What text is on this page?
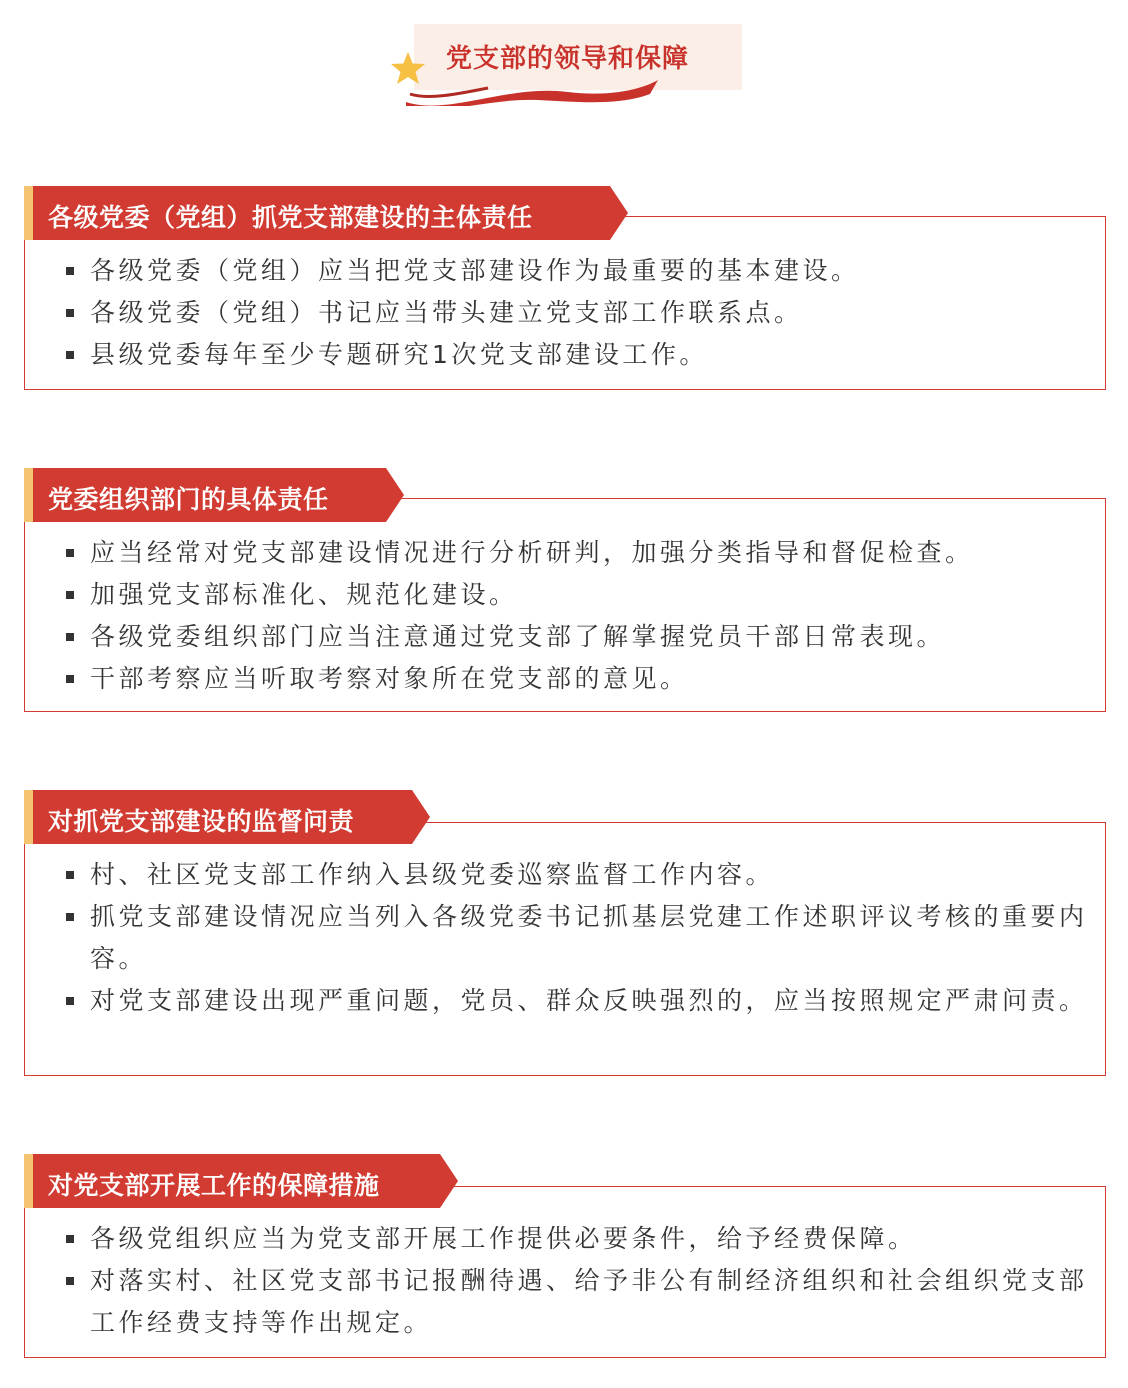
党支部的领导和保障
各级党委（党组）抓党支部建设的主体责任
各级党委（党组）应当把党支部建设作为最重要的基本建设。
各级党委（党组）书记应当带头建立党支部工作联系点。
县级党委每年至少专题研究1次党支部建设工作。
党委组织部门的具体责任
应当经常对党支部建设情况进行分析研判，加强分类指导和督促检查。
加强党支部标准化、规范化建设。
各级党委组织部门应当注意通过党支部了解掌握党员干部日常表现。
干部考察应当听取考察对象所在党支部的意见。
对抓党支部建设的监督问责
村、社区党支部工作纳入县级党委巡察监督工作内容。
抓党支部建设情况应当列入各级党委书记抓基层党建工作述职评议考核的重要内容。
对党支部建设出现严重问题，党员、群众反映强烈的，应当按照规定严肃问责。
对党支部开展工作的保障措施
各级党组织应当为党支部开展工作提供必要条件，给予经费保障。
对落实村、社区党支部书记报酬待遇、给予非公有制经济组织和社会组织党支部工作经费支持等作出规定。
